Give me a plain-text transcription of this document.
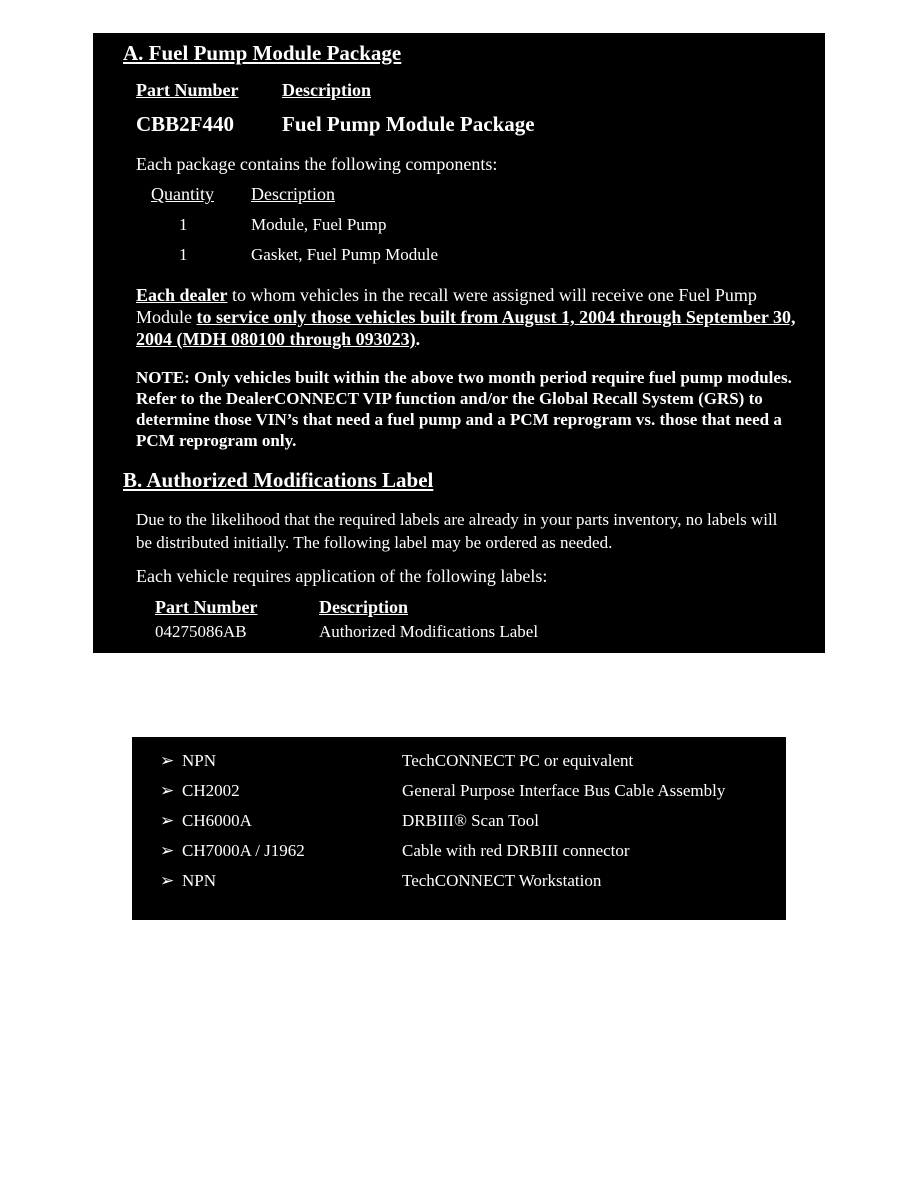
A. Fuel Pump Module Package
Part Number Description
CBB2F440 Fuel Pump Module Package
Each package contains the following components:
Quantity Description
1	Module, Fuel Pump
1	Gasket, Fuel Pump Module
Each dealer to whom vehicles in the recall were assigned will receive one Fuel Pump Module to service only those vehicles built from August 1, 2004 through September 30, 2004 (MDH 080100 through 093023).
NOTE: Only vehicles built within the above two month period require fuel pump modules. Refer to the DealerCONNECT VIP function and/or the Global Recall System (GRS) to determine those VIN’s that need a fuel pump and a PCM reprogram vs. those that need a PCM reprogram only.
B. Authorized Modifications Label
Due to the likelihood that the required labels are already in your parts inventory, no labels will be distributed initially. The following label may be ordered as needed.
Each vehicle requires application of the following labels:
Part Number	Description
04275086AB	Authorized Modifications Label
➢ NPN	TechCONNECT PC or equivalent
➢ CH2002	General Purpose Interface Bus Cable Assembly
➢ CH6000A	DRBIII® Scan Tool
➢ CH7000A / J1962	Cable with red DRBIII connector
➢ NPN	TechCONNECT Workstation
